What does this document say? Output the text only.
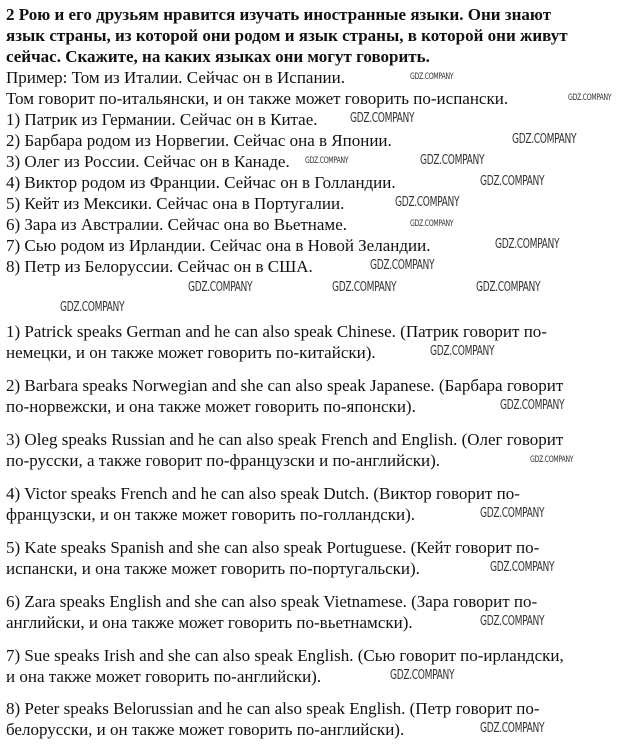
2 Рою и его друзьям нравится изучать иностранные языки. Они знают
язык страны, из которой они родом и язык страны, в которой они живут
сейчас. Скажите, на каких языках они могут говорить.
Пример: Том из Италии. Сейчас он в Испании.
Том говорит по-итальянски, и он также может говорить по-испански.
1) Патрик из Германии. Сейчас он в Китае.
2) Барбара родом из Норвегии. Сейчас она в Японии.
3) Олег из России. Сейчас он в Канаде.
4) Виктор родом из Франции. Сейчас он в Голландии.
5) Кейт из Мексики. Сейчас она в Португалии.
6) Зара из Австралии. Сейчас она во Вьетнаме.
7) Сью родом из Ирландии. Сейчас она в Новой Зеландии.
8) Петр из Белоруссии. Сейчас он в США.
1) Patrick speaks German and he can also speak Chinese. (Патрик говорит по-
немецки, и он также может говорить по-китайски).
2) Barbara speaks Norwegian and she can also speak Japanese. (Барбара говорит
по-норвежски, и она также может говорить по-японски).
3) Oleg speaks Russian and he can also speak French and English. (Олег говорит
по-русски, а также говорит по-французски и по-английски).
4) Victor speaks French and he can also speak Dutch. (Виктор говорит по-
французски, и он также может говорить по-голландски).
5) Kate speaks Spanish and she can also speak Portuguese. (Кейт говорит по-
испански, и она также может говорить по-португальски).
6) Zara speaks English and she can also speak Vietnamese. (Зара говорит по-
английски, и она также может говорить по-вьетнамски).
7) Sue speaks Irish and she can also speak English. (Сью говорит по-ирландски,
и она также может говорить по-английски).
8) Peter speaks Belorussian and he can also speak English. (Петр говорит по-
белорусски, и он также может говорить по-английски).
GDZ.COMPANY
GDZ.COMPANY
GDZ.COMPANY
GDZ.COMPANY
GDZ.COMPANY	GDZ.COMPANY
GDZ.COMPANY
GDZ.COMPANY
GDZ.COMPANY
GDZ.COMPANY
GDZ.COMPANY
GDZ.COMPANY	GDZ.COMPANY	GDZ.COMPANY
GDZ.COMPANY
GDZ.COMPANY
GDZ.COMPANY
GDZ.COMPANY
GDZ.COMPANY
GDZ.COMPANY
GDZ.COMPANY
GDZ.COMPANY
GDZ.COMPANY
